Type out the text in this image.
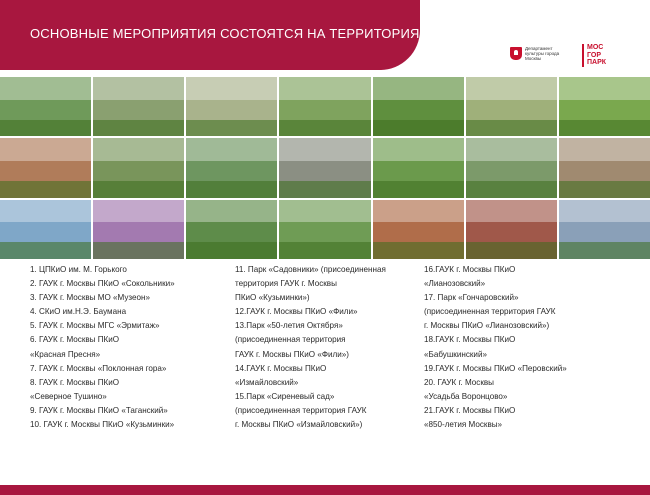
ОСНОВНЫЕ МЕРОПРИЯТИЯ СОСТОЯТСЯ НА ТЕРРИТОРИЯХ 21 ПАРКА:
Департамент культуры города Москвы
МОС
ГОР
ПАРК
1. ЦПКиО им. М. Горького
2. ГАУК г. Москвы ПКиО «Сокольники»
3. ГАУК г. Москвы МО «Музеон»
4. СКиО им.Н.Э. Баумана
5. ГАУК г. Москвы МГС «Эрмитаж»
6. ГАУК г. Москвы ПКиО
«Красная Пресня»
7. ГАУК г. Москвы «Поклонная гора»
8. ГАУК г. Москвы ПКиО
«Северное Тушино»
9. ГАУК г. Москвы ПКиО «Таганский»
10. ГАУК г. Москвы ПКиО «Кузьминки»
11. Парк «Садовники» (присоединенная
территория ГАУК г. Москвы
ПКиО «Кузьминки»)
12.ГАУК г. Москвы ПКиО «Фили»
13.Парк «50-летия Октября»
(присоединенная территория
ГАУК г. Москвы ПКиО «Фили»)
14.ГАУК г. Москвы ПКиО
«Измайловский»
15.Парк «Сиреневый сад»
(присоединенная территория ГАУК
г. Москвы ПКиО «Измайловский»)
16.ГАУК г. Москвы ПКиО
«Лианозовский»
17. Парк «Гончаровский»
(присоединенная территория ГАУК
г. Москвы ПКиО «Лианозовский»)
18.ГАУК г. Москвы ПКиО
«Бабушкинский»
19.ГАУК г. Москвы ПКиО «Перовский»
20. ГАУК г. Москвы
«Усадьба Воронцово»
21.ГАУК г. Москвы ПКиО
«850-летия Москвы»
